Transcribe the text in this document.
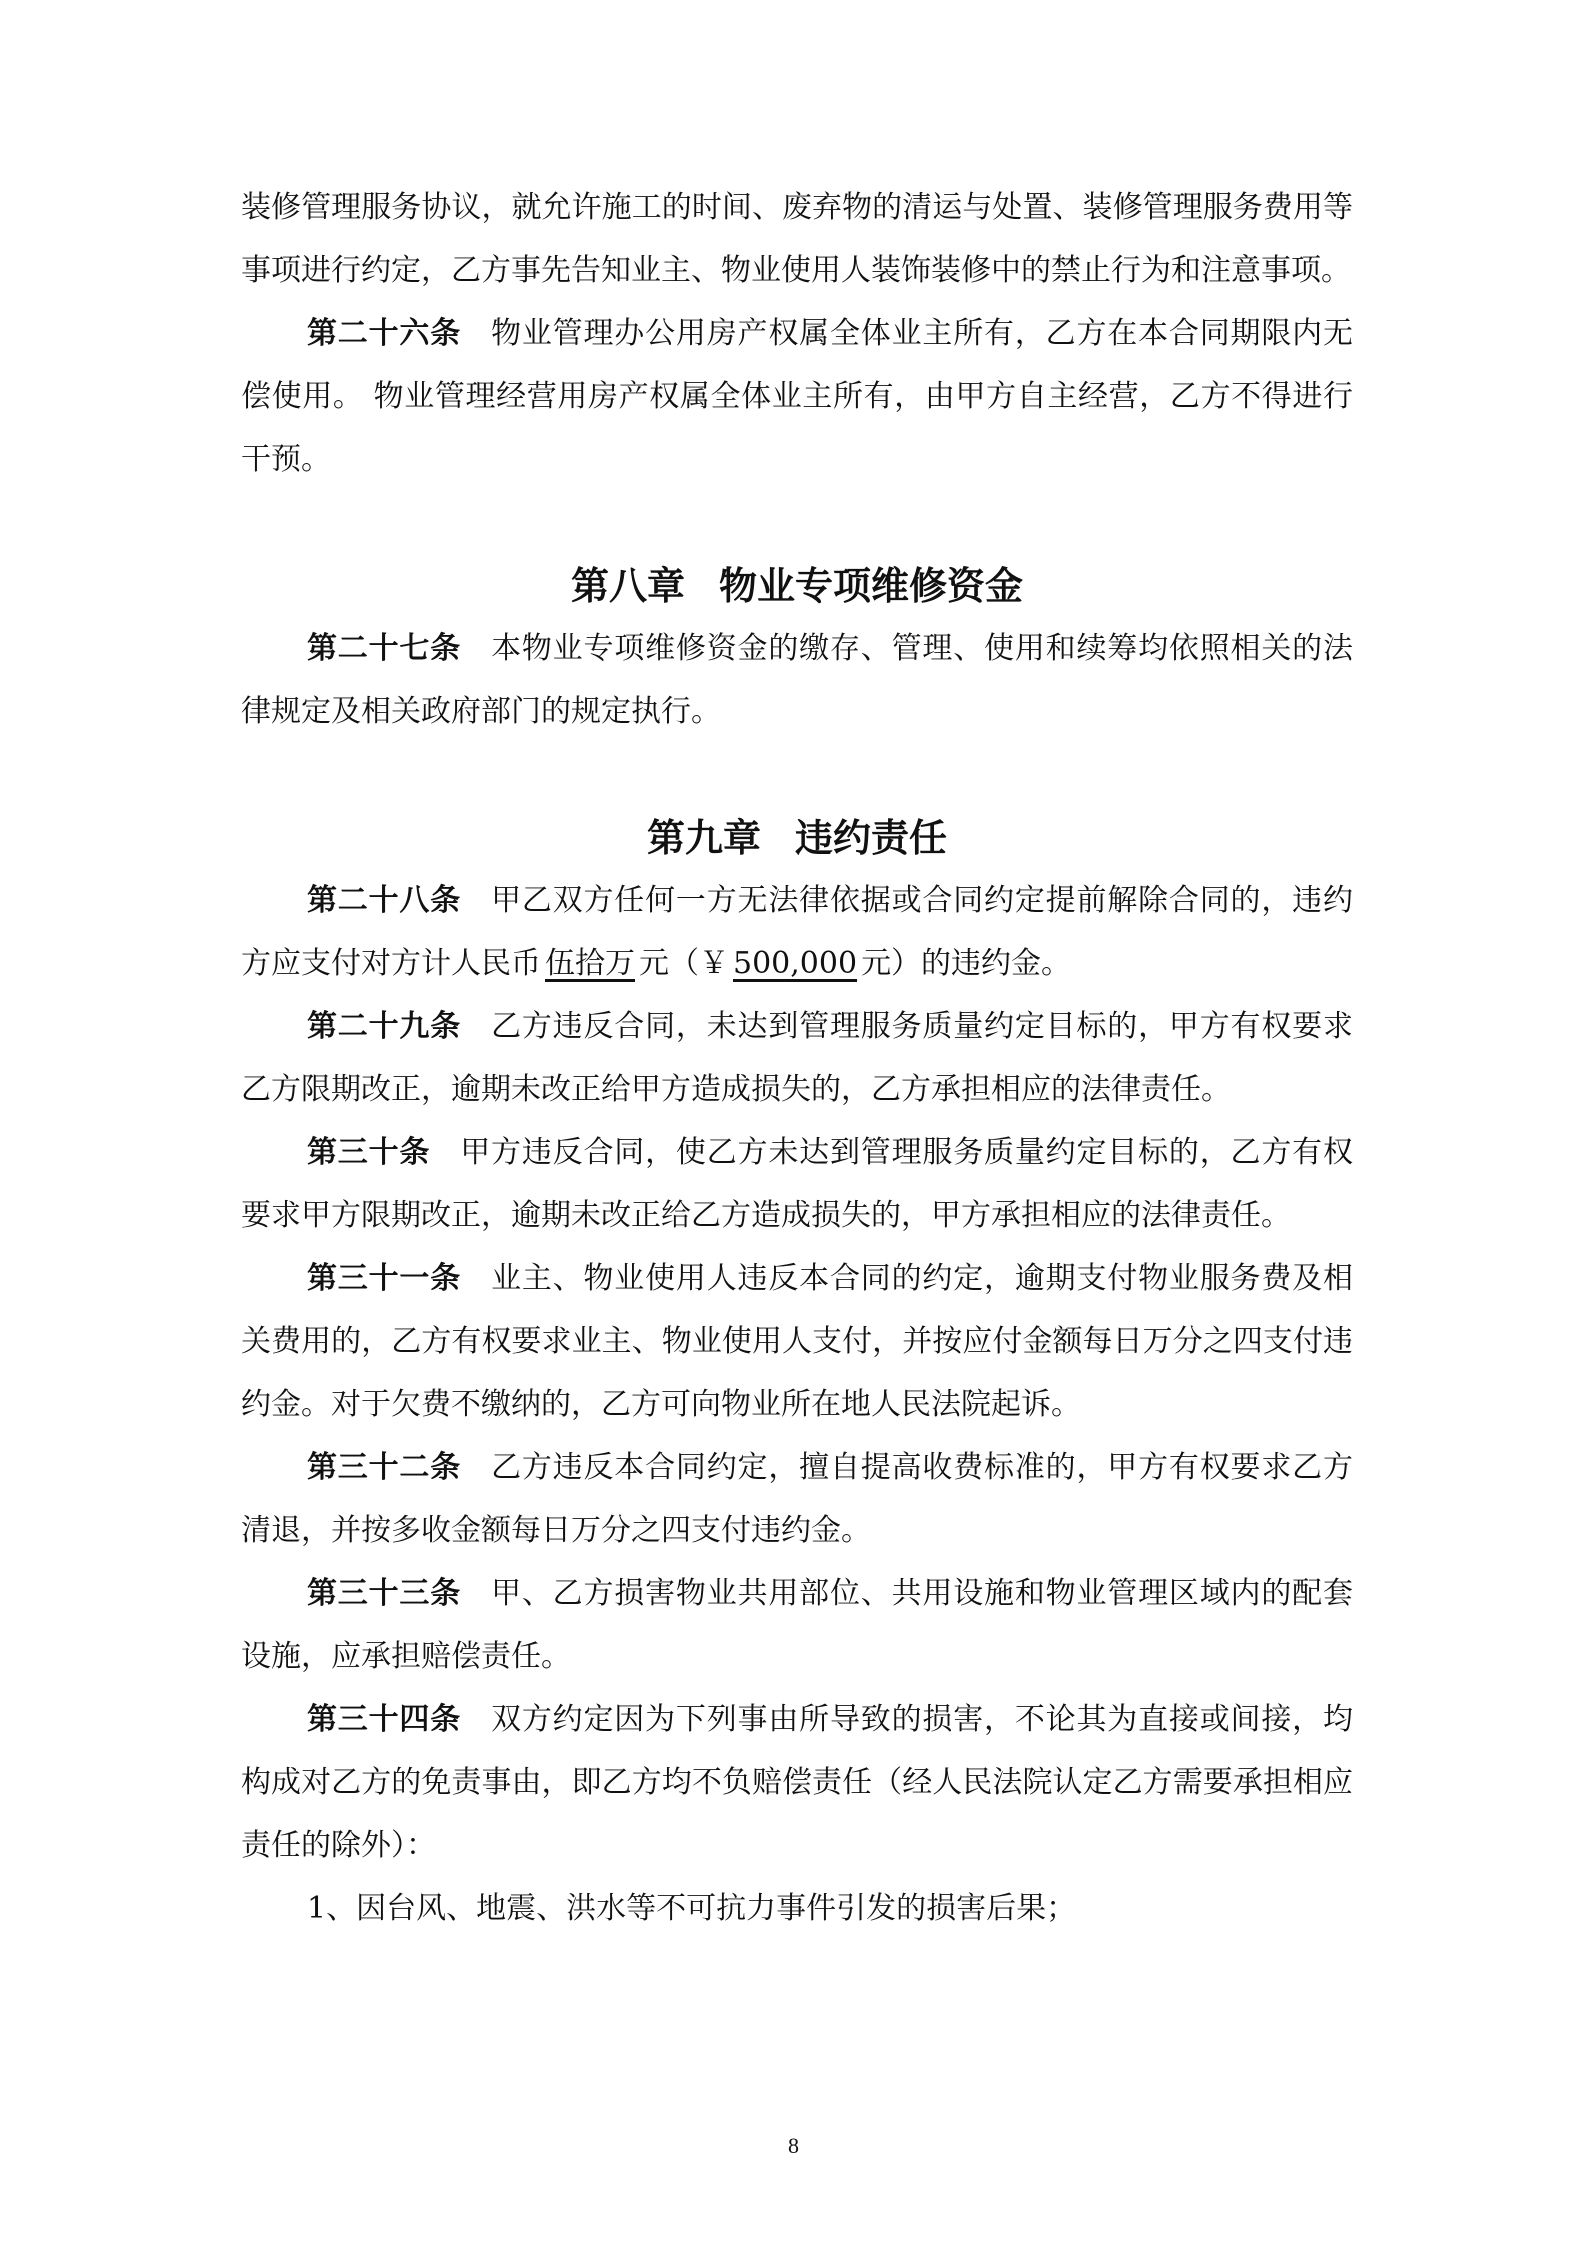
装修管理服务协议，就允许施工的时间、废弃物的清运与处置、装修管理服务费用等事项进行约定，乙方事先告知业主、物业使用人装饰装修中的禁止行为和注意事项。

第二十六条 物业管理办公用房产权属全体业主所有，乙方在本合同期限内无偿使用。 物业管理经营用房产权属全体业主所有，由甲方自主经营，乙方不得进行干预。

第八章 物业专项维修资金

第二十七条 本物业专项维修资金的缴存、管理、使用和续筹均依照相关的法律规定及相关政府部门的规定执行。

第九章 违约责任

第二十八条 甲乙双方任何一方无法律依据或合同约定提前解除合同的，违约方应支付对方计人民币 伍拾万 元（￥ 500,000 元）的违约金。

第二十九条 乙方违反合同，未达到管理服务质量约定目标的，甲方有权要求乙方限期改正，逾期未改正给甲方造成损失的，乙方承担相应的法律责任。

第三十条 甲方违反合同，使乙方未达到管理服务质量约定目标的，乙方有权要求甲方限期改正，逾期未改正给乙方造成损失的，甲方承担相应的法律责任。

第三十一条 业主、物业使用人违反本合同的约定，逾期支付物业服务费及相关费用的，乙方有权要求业主、物业使用人支付，并按应付金额每日万分之四支付违约金。对于欠费不缴纳的，乙方可向物业所在地人民法院起诉。

第三十二条 乙方违反本合同约定，擅自提高收费标准的，甲方有权要求乙方清退，并按多收金额每日万分之四支付违约金。

第三十三条 甲、乙方损害物业共用部位、共用设施和物业管理区域内的配套设施，应承担赔偿责任。

第三十四条 双方约定因为下列事由所导致的损害，不论其为直接或间接，均构成对乙方的免责事由，即乙方均不负赔偿责任（经人民法院认定乙方需要承担相应责任的除外）：

1、因台风、地震、洪水等不可抗力事件引发的损害后果；

8
